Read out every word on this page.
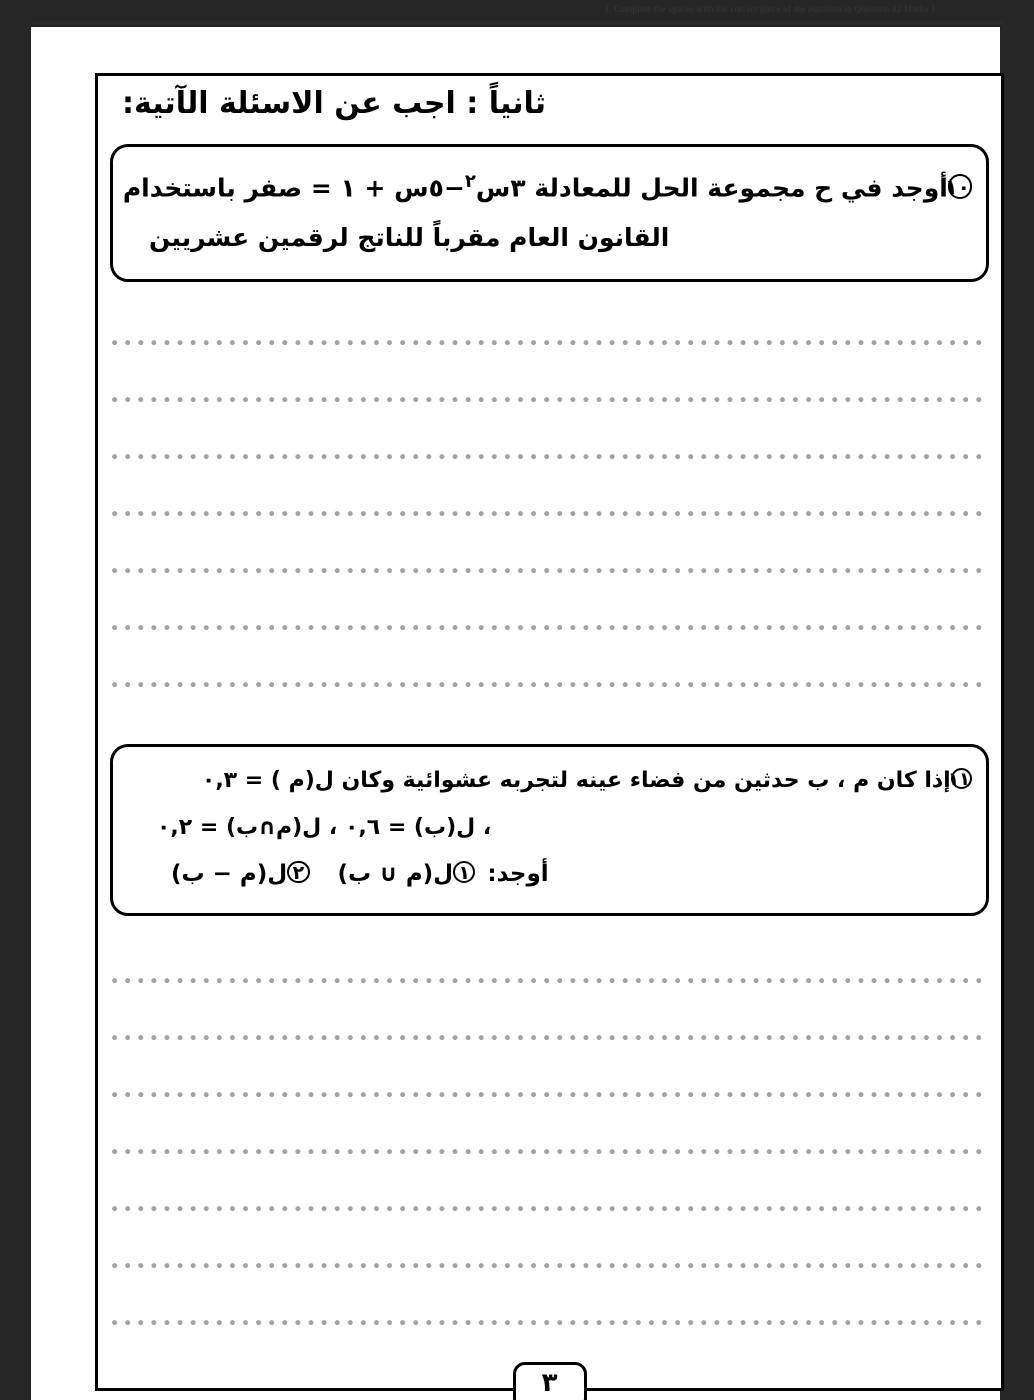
3. Complete the spaces with the correct piece of the equation in Question 42 Marks 1
ثانياً : اجب عن الاسئلة الآتية:
١٠أوجد في ح مجموعة الحل للمعادلة ٣س$^٢$−٥س + ١ = صفر باستخدام
القانون العام مقرباً للناتج لرقمين عشريين
١١إذا كان م ، ب حدثين من فضاء عينه لتجربه عشوائية وكان ل(م ) = ٠,٣
، ل(ب) = ٠,٦ ، ل(م∩ب) = ٠,٢
أوجد:١ل(م ∪ ب)٢ل(م − ب)
٣
